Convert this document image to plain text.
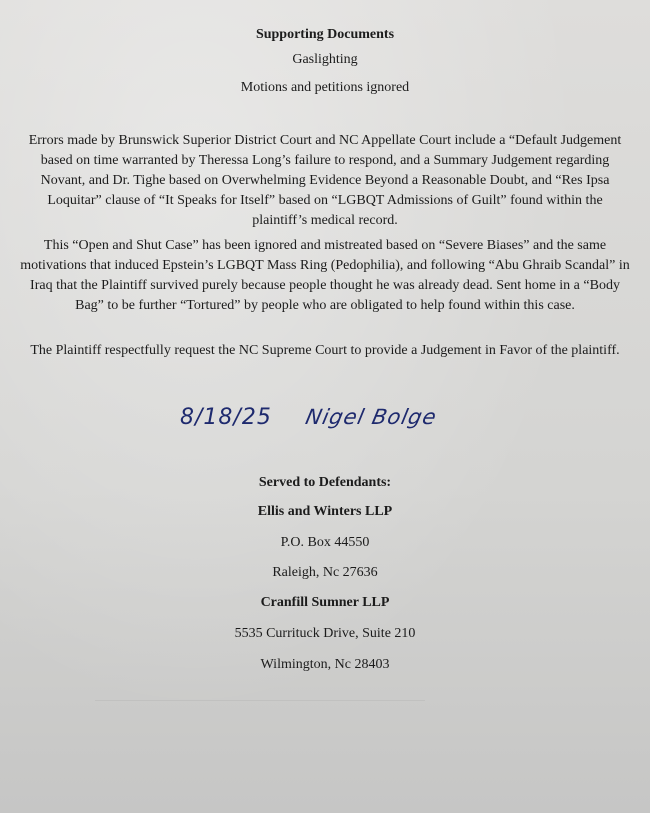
Supporting Documents
Gaslighting
Motions and petitions ignored
Errors made by Brunswick Superior District Court and NC Appellate Court include a “Default Judgement based on time warranted by Theressa Long’s failure to respond, and a Summary Judgement regarding Novant, and Dr. Tighe based on Overwhelming Evidence Beyond a Reasonable Doubt, and “Res Ipsa Loquitar” clause of “It Speaks for Itself” based on “LGBQT Admissions of Guilt” found within the plaintiff’s medical record.
This “Open and Shut Case” has been ignored and mistreated based on “Severe Biases” and the same motivations that induced Epstein’s LGBQT Mass Ring (Pedophilia), and following “Abu Ghraib Scandal” in Iraq that the Plaintiff survived purely because people thought he was already dead. Sent home in a “Body Bag” to be further “Tortured” by people who are obligated to help found within this case.
The Plaintiff respectfully request the NC Supreme Court to provide a Judgement in Favor of the plaintiff.
8/18/25 Nigel Bolge
Served to Defendants:
Ellis and Winters LLP
P.O. Box 44550
Raleigh, Nc 27636
Cranfill Sumner LLP
5535 Currituck Drive, Suite 210
Wilmington, Nc 28403
